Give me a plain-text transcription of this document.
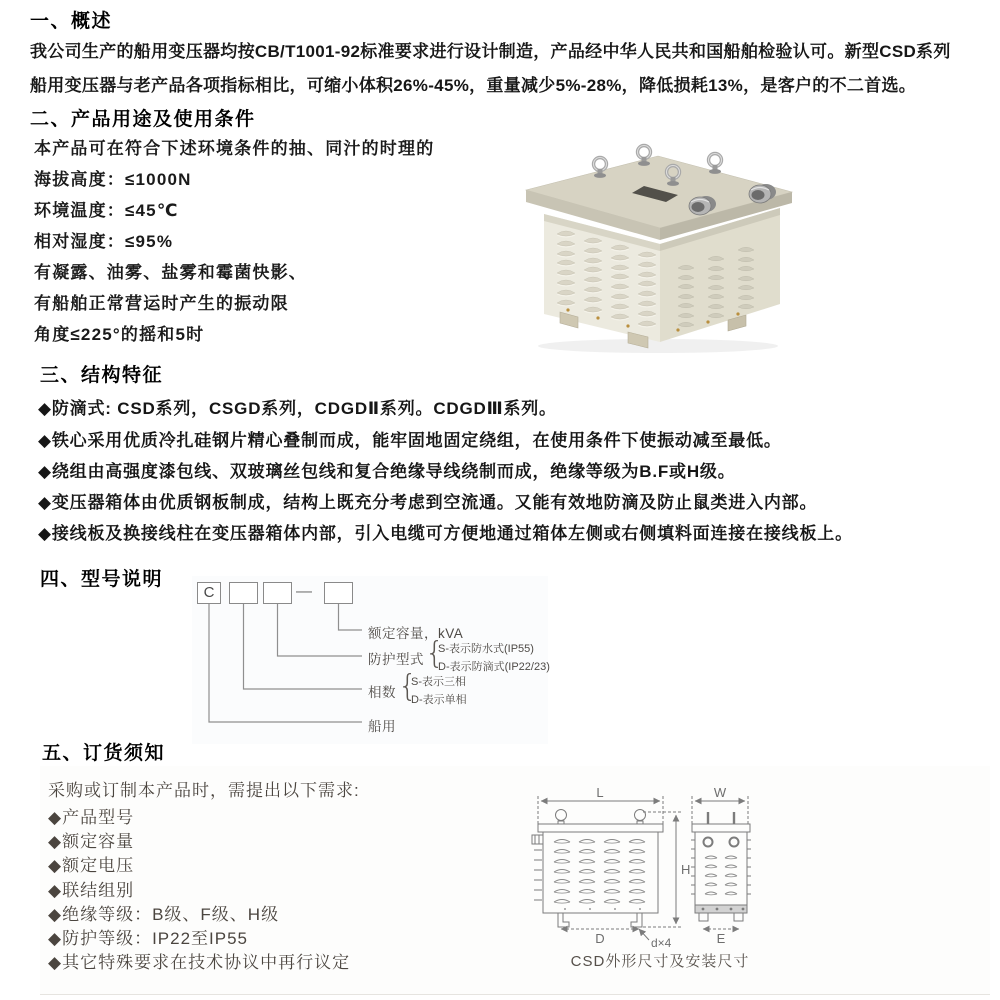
一、概述
我公司生产的船用变压器均按CB/T1001-92标准要求进行设计制造，产品经中华人民共和国船舶检验认可。新型CSD系列
船用变压器与老产品各项指标相比，可缩小体积26%-45%，重量减少5%-28%，降低损耗13%，是客户的不二首选。
二、产品用途及使用条件
本产品可在符合下述环境条件的抽、同汁的时理的
海拔高度：≤1000N
环境温度：≤45℃
相对湿度：≤95%
有凝露、油雾、盐雾和霉菌快影、
有船舶正常营运时产生的振动限
角度≤225°的摇和5时
三、结构特征
◆防滴式: CSD系列，CSGD系列，CDGDⅡ系列。CDGDⅢ系列。
◆铁心采用优质冷扎硅钢片精心叠制而成，能牢固地固定绕组，在使用条件下使振动减至最低。
◆绕组由高强度漆包线、双玻璃丝包线和复合绝缘导线绕制而成，绝缘等级为B.F或H级。
◆变压器箱体由优质钢板制成，结构上既充分考虑到空流通。又能有效地防滴及防止鼠类进入内部。
◆接线板及换接线柱在变压器箱体内部，引入电缆可方便地通过箱体左侧或右侧填料面连接在接线板上。
四、型号说明
C	—
额定容量，kVA
防护型式 {
S-表示防水式(IP55)
D-表示防滴式(IP22/23)
相数 {
S-表示三相
D-表示单相
船用
五、订货须知
采购或订制本产品时，需提出以下需求:
◆产品型号
◆额定容量
◆额定电压
◆联结组别
◆绝缘等级：B级、F级、H级
◆防护等级：IP22至IP55
◆其它特殊要求在技术协议中再行议定
L	W
H
D	E
d×4
CSD外形尺寸及安装尺寸
